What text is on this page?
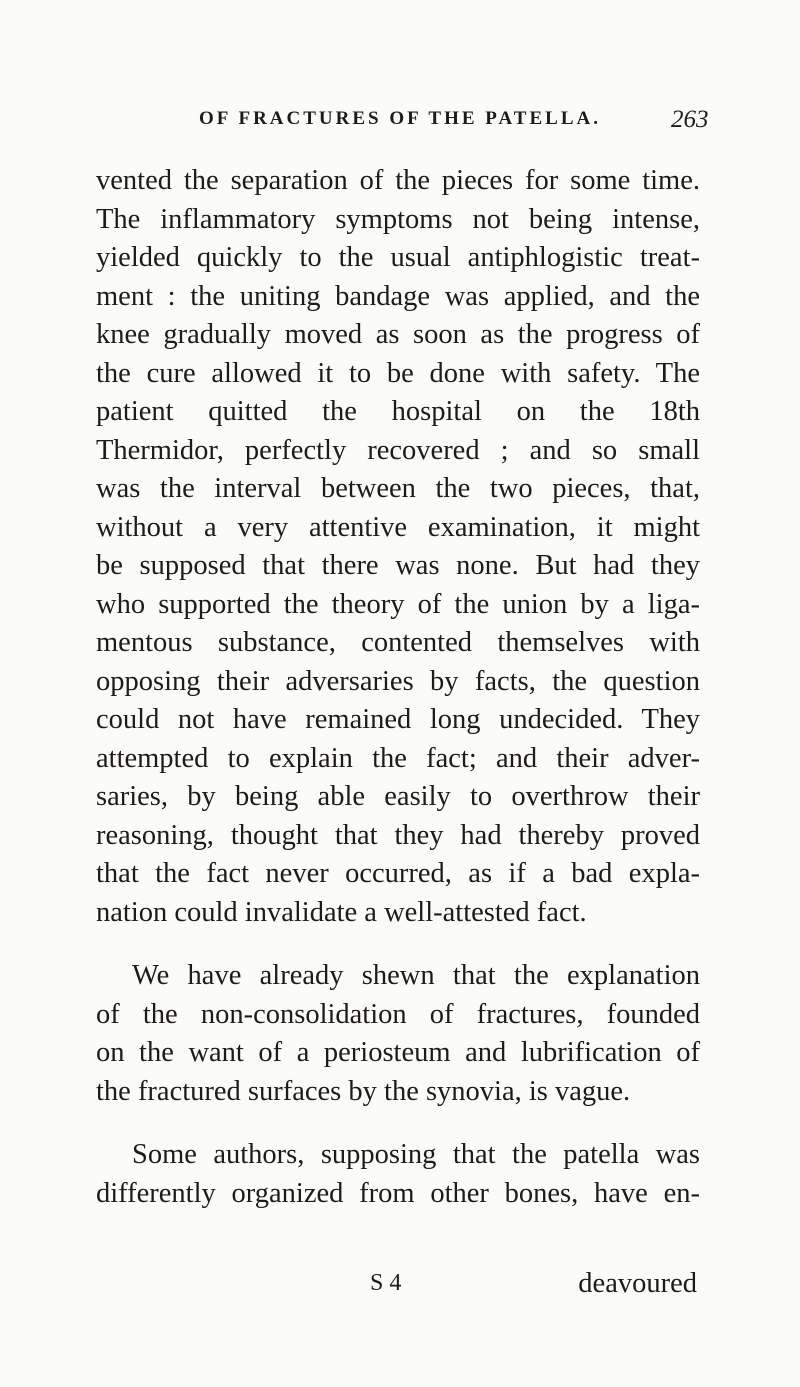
OF FRACTURES OF THE PATELLA.	263
vented the separation of the pieces for some time.
The inflammatory symptoms not being intense,
yielded quickly to the usual antiphlogistic treat-
ment : the uniting bandage was applied, and the
knee gradually moved as soon as the progress of
the cure allowed it to be done with safety. The
patient quitted the hospital on the 18th
Thermidor, perfectly recovered ; and so small
was the interval between the two pieces, that,
without a very attentive examination, it might
be supposed that there was none. But had they
who supported the theory of the union by a liga-
mentous substance, contented themselves with
opposing their adversaries by facts, the question
could not have remained long undecided. They
attempted to explain the fact; and their adver-
saries, by being able easily to overthrow their
reasoning, thought that they had thereby proved
that the fact never occurred, as if a bad expla-
nation could invalidate a well-attested fact.
We have already shewn that the explanation
of the non-consolidation of fractures, founded
on the want of a periosteum and lubrification of
the fractured surfaces by the synovia, is vague.
Some authors, supposing that the patella was
differently organized from other bones, have en-
S 4	deavoured
